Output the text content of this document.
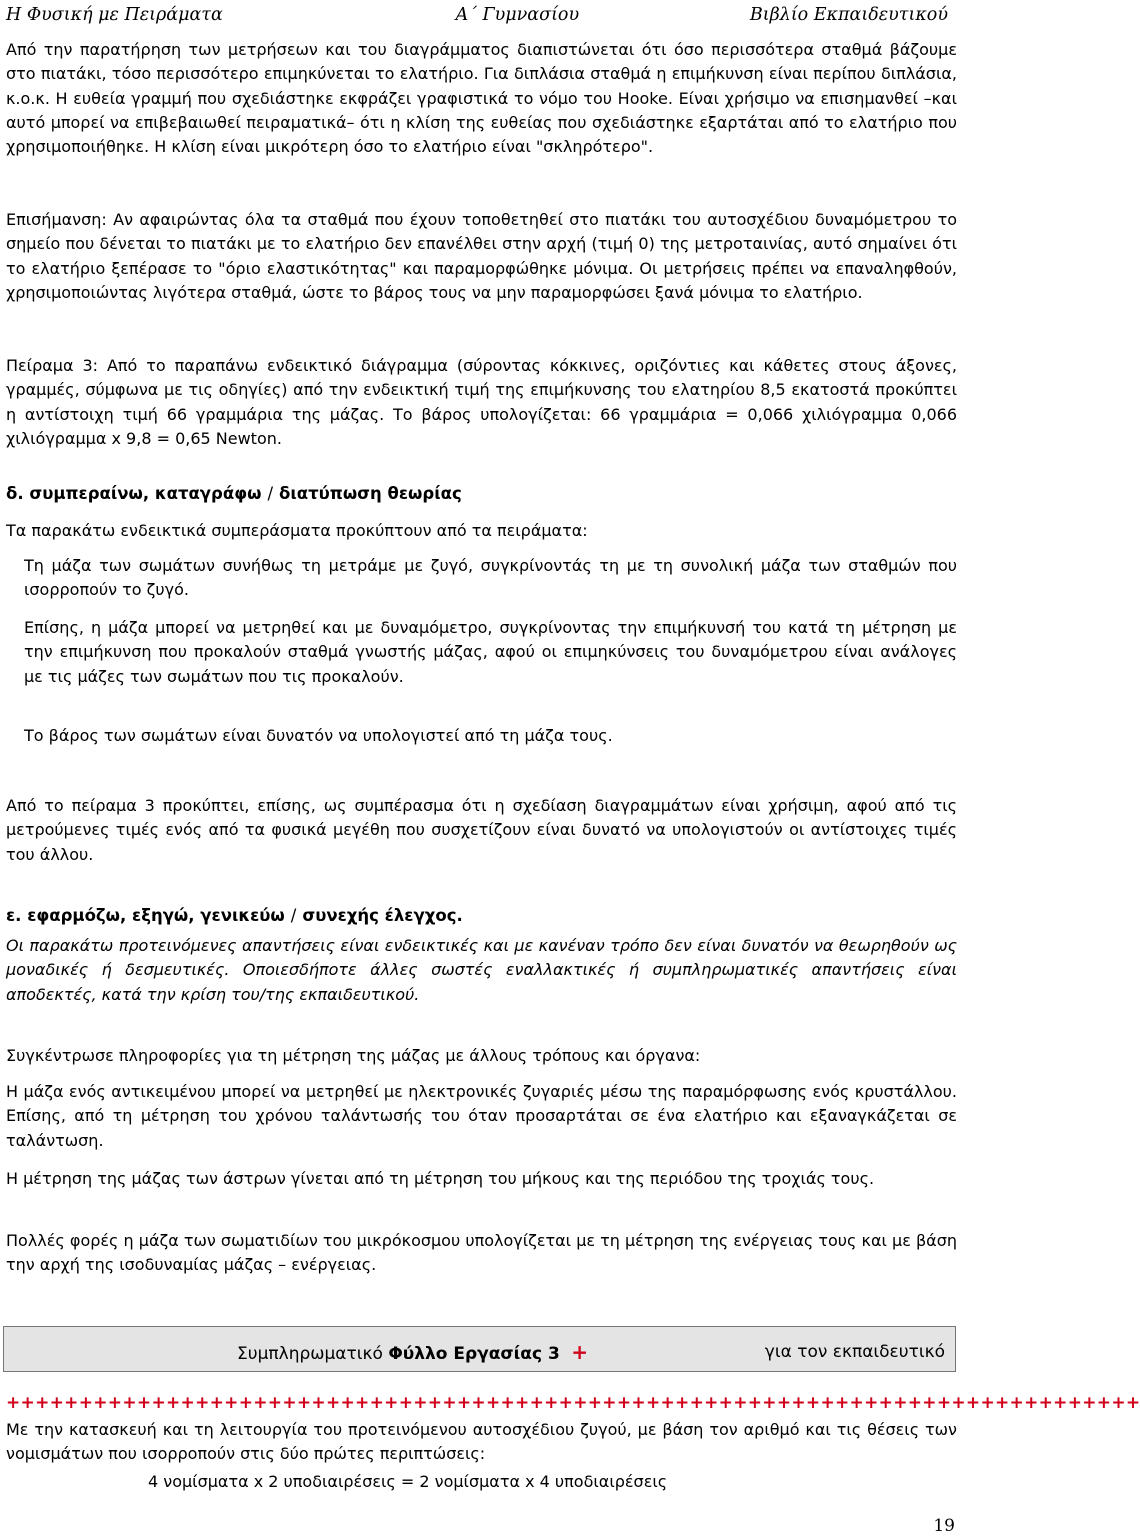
Η Φυσική με Πειράματα	Α΄ Γυμνασίου	Βιβλίο Εκπαιδευτικού

Από την παρατήρηση των μετρήσεων και του διαγράμματος διαπιστώνεται ότι όσο περισσότερα σταθμά βάζουμε στο πιατάκι, τόσο περισσότερο επιμηκύνεται το ελατήριο. Για διπλάσια σταθμά η επιμήκυνση είναι περίπου διπλάσια, κ.ο.κ. Η ευθεία γραμμή που σχεδιάστηκε εκφράζει γραφιστικά το νόμο του Hooke. Είναι χρήσιμο να επισημανθεί –και αυτό μπορεί να επιβεβαιωθεί πειραματικά– ότι η κλίση της ευθείας που σχεδιάστηκε εξαρτάται από το ελατήριο που χρησιμοποιήθηκε. Η κλίση είναι μικρότερη όσο το ελατήριο είναι "σκληρότερο".

Επισήμανση: Αν αφαιρώντας όλα τα σταθμά που έχουν τοποθετηθεί στο πιατάκι του αυτοσχέδιου δυναμόμετρου το σημείο που δένεται το πιατάκι με το ελατήριο δεν επανέλθει στην αρχή (τιμή 0) της μετροταινίας, αυτό σημαίνει ότι το ελατήριο ξεπέρασε το "όριο ελαστικότητας" και παραμορφώθηκε μόνιμα. Οι μετρήσεις πρέπει να επαναληφθούν, χρησιμοποιώντας λιγότερα σταθμά, ώστε το βάρος τους να μην παραμορφώσει ξανά μόνιμα το ελατήριο.

Πείραμα 3: Από το παραπάνω ενδεικτικό διάγραμμα (σύροντας κόκκινες, οριζόντιες και κάθετες στους άξονες, γραμμές, σύμφωνα με τις οδηγίες) από την ενδεικτική τιμή της επιμήκυνσης του ελατηρίου 8,5 εκατοστά προκύπτει η αντίστοιχη τιμή 66 γραμμάρια της μάζας. Το βάρος υπολογίζεται: 66 γραμμάρια = 0,066 χιλιόγραμμα 0,066 χιλιόγραμμα x 9,8 = 0,65 Newton.

δ. συμπεραίνω, καταγράφω / διατύπωση θεωρίας

Τα παρακάτω ενδεικτικά συμπεράσματα προκύπτουν από τα πειράματα:

Τη μάζα των σωμάτων συνήθως τη μετράμε με ζυγό, συγκρίνοντάς τη με τη συνολική μάζα των σταθμών που ισορροπούν το ζυγό.

Επίσης, η μάζα μπορεί να μετρηθεί και με δυναμόμετρο, συγκρίνοντας την επιμήκυνσή του κατά τη μέτρηση με την επιμήκυνση που προκαλούν σταθμά γνωστής μάζας, αφού οι επιμηκύνσεις του δυναμόμετρου είναι ανάλογες με τις μάζες των σωμάτων που τις προκαλούν.

Το βάρος των σωμάτων είναι δυνατόν να υπολογιστεί από τη μάζα τους.

Από το πείραμα 3 προκύπτει, επίσης, ως συμπέρασμα ότι η σχεδίαση διαγραμμάτων είναι χρήσιμη, αφού από τις μετρούμενες τιμές ενός από τα φυσικά μεγέθη που συσχετίζουν είναι δυνατό να υπολογιστούν οι αντίστοιχες τιμές του άλλου.

ε. εφαρμόζω, εξηγώ, γενικεύω / συνεχής έλεγχος.

Οι παρακάτω προτεινόμενες απαντήσεις είναι ενδεικτικές και με κανέναν τρόπο δεν είναι δυνατόν να θεωρηθούν ως μοναδικές ή δεσμευτικές. Οποιεσδήποτε άλλες σωστές εναλλακτικές ή συμπληρωματικές απαντήσεις είναι αποδεκτές, κατά την κρίση του/της εκπαιδευτικού.

Συγκέντρωσε πληροφορίες για τη μέτρηση της μάζας με άλλους τρόπους και όργανα:

Η μάζα ενός αντικειμένου μπορεί να μετρηθεί με ηλεκτρονικές ζυγαριές μέσω της παραμόρφωσης ενός κρυστάλλου. Επίσης, από τη μέτρηση του χρόνου ταλάντωσής του όταν προσαρτάται σε ένα ελατήριο και εξαναγκάζεται σε ταλάντωση.

Η μέτρηση της μάζας των άστρων γίνεται από τη μέτρηση του μήκους και της περιόδου της τροχιάς τους.

Πολλές φορές η μάζα των σωματιδίων του μικρόκοσμου υπολογίζεται με τη μέτρηση της ενέργειας τους και με βάση την αρχή της ισοδυναμίας μάζας – ενέργειας.

Συμπληρωματικό Φύλλο Εργασίας 3 +	για τον εκπαιδευτικό
++++++++++++++++++++++++++++++++++++++++++++++++++++++++++++++++++++++++++++++

Με την κατασκευή και τη λειτουργία του προτεινόμενου αυτοσχέδιου ζυγού, με βάση τον αριθμό και τις θέσεις των νομισμάτων που ισορροπούν στις δύο πρώτες περιπτώσεις:

4 νομίσματα x 2 υποδιαιρέσεις = 2 νομίσματα x 4 υποδιαιρέσεις

19
